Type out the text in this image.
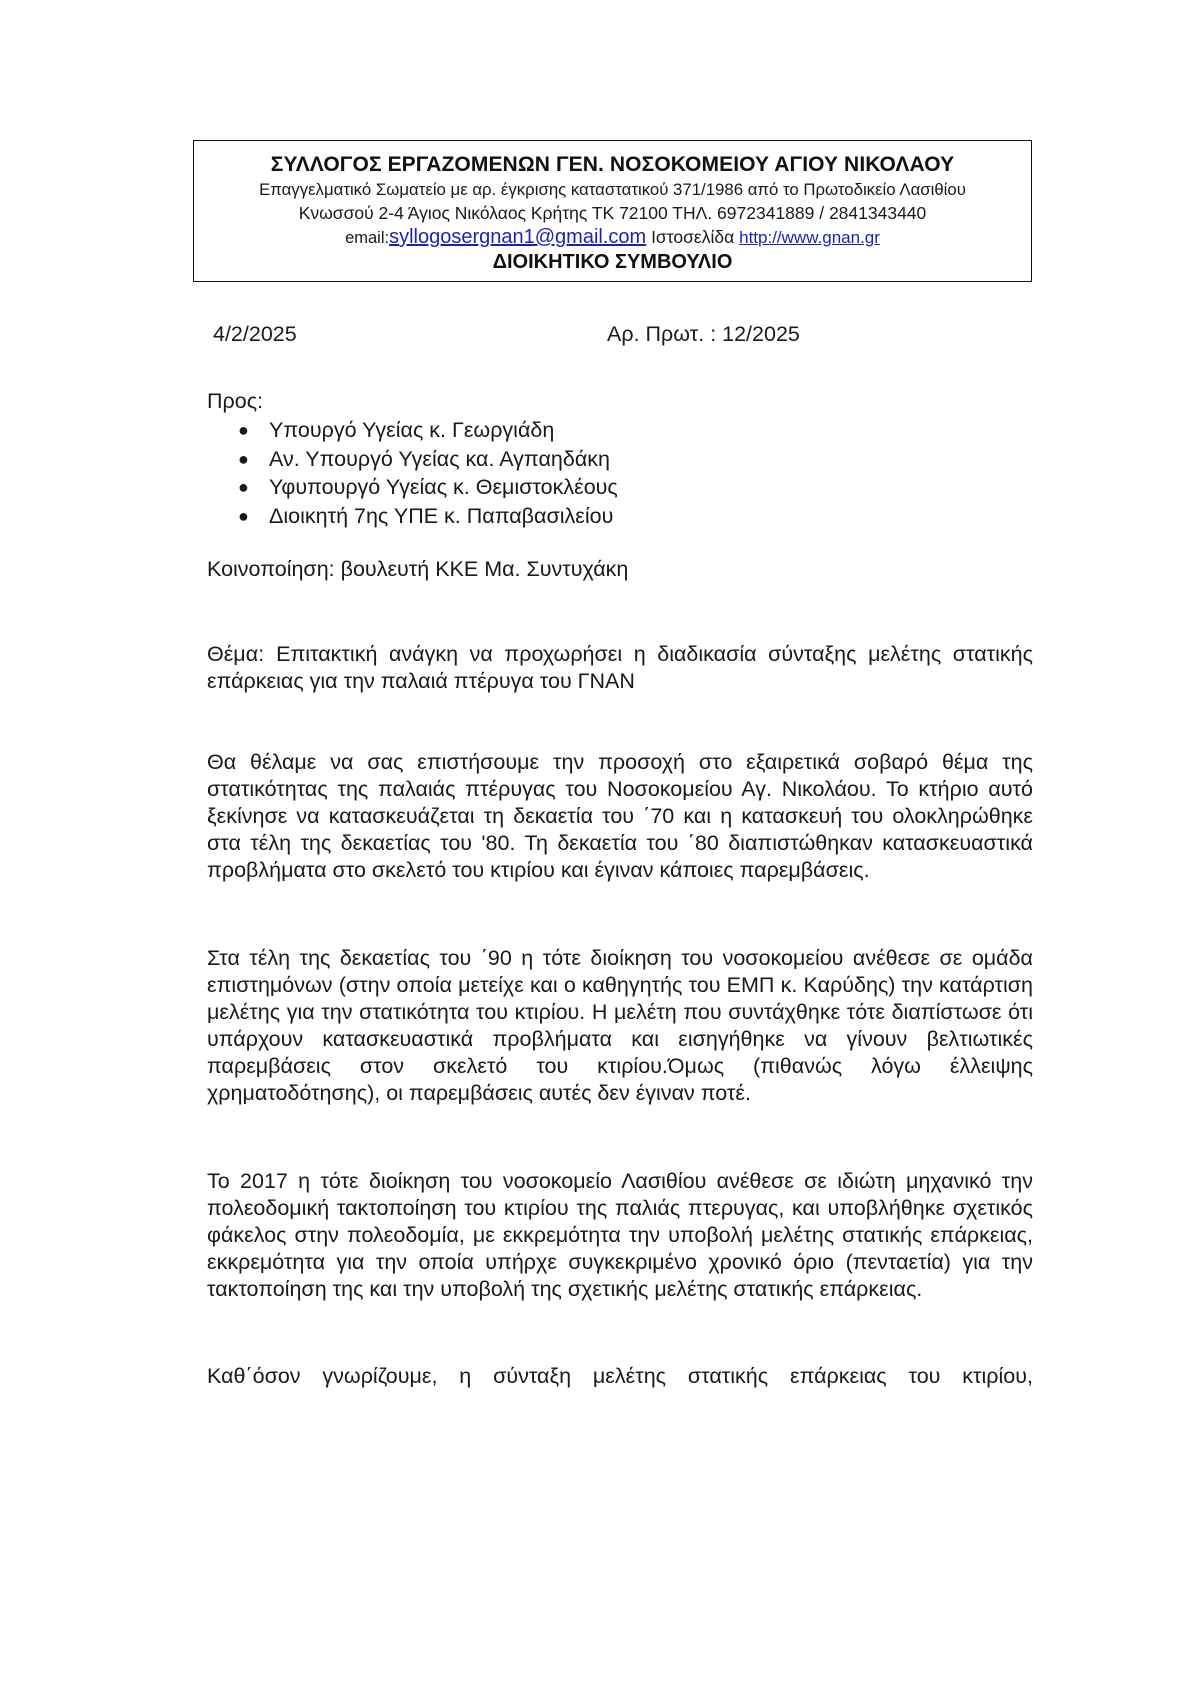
ΣΥΛΛΟΓΟΣ ΕΡΓΑΖΟΜΕΝΩΝ ΓΕΝ. ΝΟΣΟΚΟΜΕΙΟΥ ΑΓΙΟΥ ΝΙΚΟΛΑΟΥ
Επαγγελματικό Σωματείο με αρ. έγκρισης καταστατικού 371/1986 από το Πρωτοδικείο Λασιθίου
Κνωσσού 2-4 Άγιος Νικόλαος Κρήτης ΤΚ 72100 ΤΗΛ. 6972341889 / 2841343440
email:syllogosergnan1@gmail.com Ιστοσελίδα http://www.gnan.gr
ΔΙΟΙΚΗΤΙΚΟ ΣΥΜΒΟΥΛΙΟ
4/2/2025	Αρ. Πρωτ. : 12/2025
Προς:
● Υπουργό Υγείας κ. Γεωργιάδη
● Αν. Υπουργό Υγείας κα. Αγπαηδάκη
● Υφυπουργό Υγείας κ. Θεμιστοκλέους
● Διοικητή 7ης ΥΠΕ κ. Παπαβασιλείου
Κοινοποίηση: βουλευτή ΚΚΕ Μα. Συντυχάκη
Θέμα: Επιτακτική ανάγκη να προχωρήσει η διαδικασία σύνταξης μελέτης στατικής επάρκειας για την παλαιά πτέρυγα του ΓΝΑΝ

Θα θέλαμε να σας επιστήσουμε την προσοχή στο εξαιρετικά σοβαρό θέμα της στατικότητας της παλαιάς πτέρυγας του Νοσοκομείου Αγ. Νικολάου. Το κτήριο αυτό ξεκίνησε να κατασκευάζεται τη δεκαετία του ΄70 και η κατασκευή του ολοκληρώθηκε στα τέλη της δεκαετίας του '80. Τη δεκαετία του ΄80 διαπιστώθηκαν κατασκευαστικά προβλήματα στο σκελετό του κτιρίου και έγιναν κάποιες παρεμβάσεις.

Στα τέλη της δεκαετίας του ΄90 η τότε διοίκηση του νοσοκομείου ανέθεσε σε ομάδα επιστημόνων (στην οποία μετείχε και ο καθηγητής του ΕΜΠ κ. Καρύδης) την κατάρτιση μελέτης για την στατικότητα του κτιρίου. Η μελέτη που συντάχθηκε τότε διαπίστωσε ότι υπάρχουν κατασκευαστικά προβλήματα και εισηγήθηκε να γίνουν βελτιωτικές παρεμβάσεις στον σκελετό του κτιρίου.Όμως (πιθανώς λόγω έλλειψης χρηματοδότησης), οι παρεμβάσεις αυτές δεν έγιναν ποτέ.

Το 2017 η τότε διοίκηση του νοσοκομείο Λασιθίου ανέθεσε σε ιδιώτη μηχανικό την πολεοδομική τακτοποίηση του κτιρίου της παλιάς πτερυγας, και υποβλήθηκε σχετικός φάκελος στην πολεοδομία, με εκκρεμότητα την υποβολή μελέτης στατικής επάρκειας, εκκρεμότητα για την οποία υπήρχε συγκεκριμένο χρονικό όριο (πενταετία) για την τακτοποίηση της και την υποβολή της σχετικής μελέτης στατικής επάρκειας.

Καθ΄όσον γνωρίζουμε, η σύνταξη μελέτης στατικής επάρκειας του κτιρίου,
